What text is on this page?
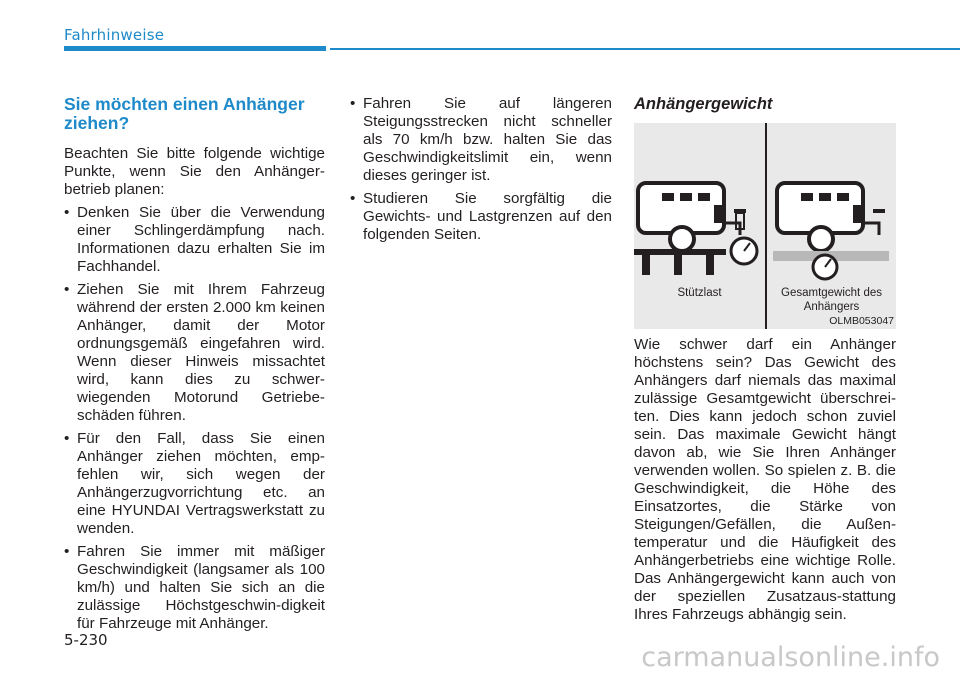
Fahrhinweise
Sie möchten einen Anhänger ziehen?

Beachten Sie bitte folgende wichtige Punkte, wenn Sie den Anhänger-betrieb planen:

• Denken Sie über die Verwendung einer Schlingerdämpfung nach. Informationen dazu erhalten Sie im Fachhandel.
• Ziehen Sie mit Ihrem Fahrzeug während der ersten 2.000 km keinen Anhänger, damit der Motor ordnungsgemäß eingefahren wird. Wenn dieser Hinweis missachtet wird, kann dies zu schwer-wiegenden Motorund Getriebe-schäden führen.
• Für den Fall, dass Sie einen Anhänger ziehen möchten, emp-fehlen wir, sich wegen der Anhängerzugvorrichtung etc. an eine HYUNDAI Vertragswerkstatt zu wenden.
• Fahren Sie immer mit mäßiger Geschwindigkeit (langsamer als 100 km/h) und halten Sie sich an die zulässige Höchstgeschwin-digkeit für Fahrzeuge mit Anhänger.
• Fahren Sie auf längeren Steigungsstrecken nicht schneller als 70 km/h bzw. halten Sie das Geschwindigkeitslimit ein, wenn dieses geringer ist.
• Studieren Sie sorgfältig die Gewichts- und Lastgrenzen auf den folgenden Seiten.
Anhängergewicht
Stützlast	Gesamtgewicht des Anhängers
OLMB053047

Wie schwer darf ein Anhänger höchstens sein? Das Gewicht des Anhängers darf niemals das maximal zulässige Gesamtgewicht überschrei-ten. Dies kann jedoch schon zuviel sein. Das maximale Gewicht hängt davon ab, wie Sie Ihren Anhänger verwenden wollen. So spielen z. B. die Geschwindigkeit, die Höhe des Einsatzortes, die Stärke von Steigungen/Gefällen, die Außen-temperatur und die Häufigkeit des Anhängerbetriebs eine wichtige Rolle. Das Anhängergewicht kann auch von der speziellen Zusatzaus-stattung Ihres Fahrzeugs abhängig sein.

5-230
carmanualsonline.info
